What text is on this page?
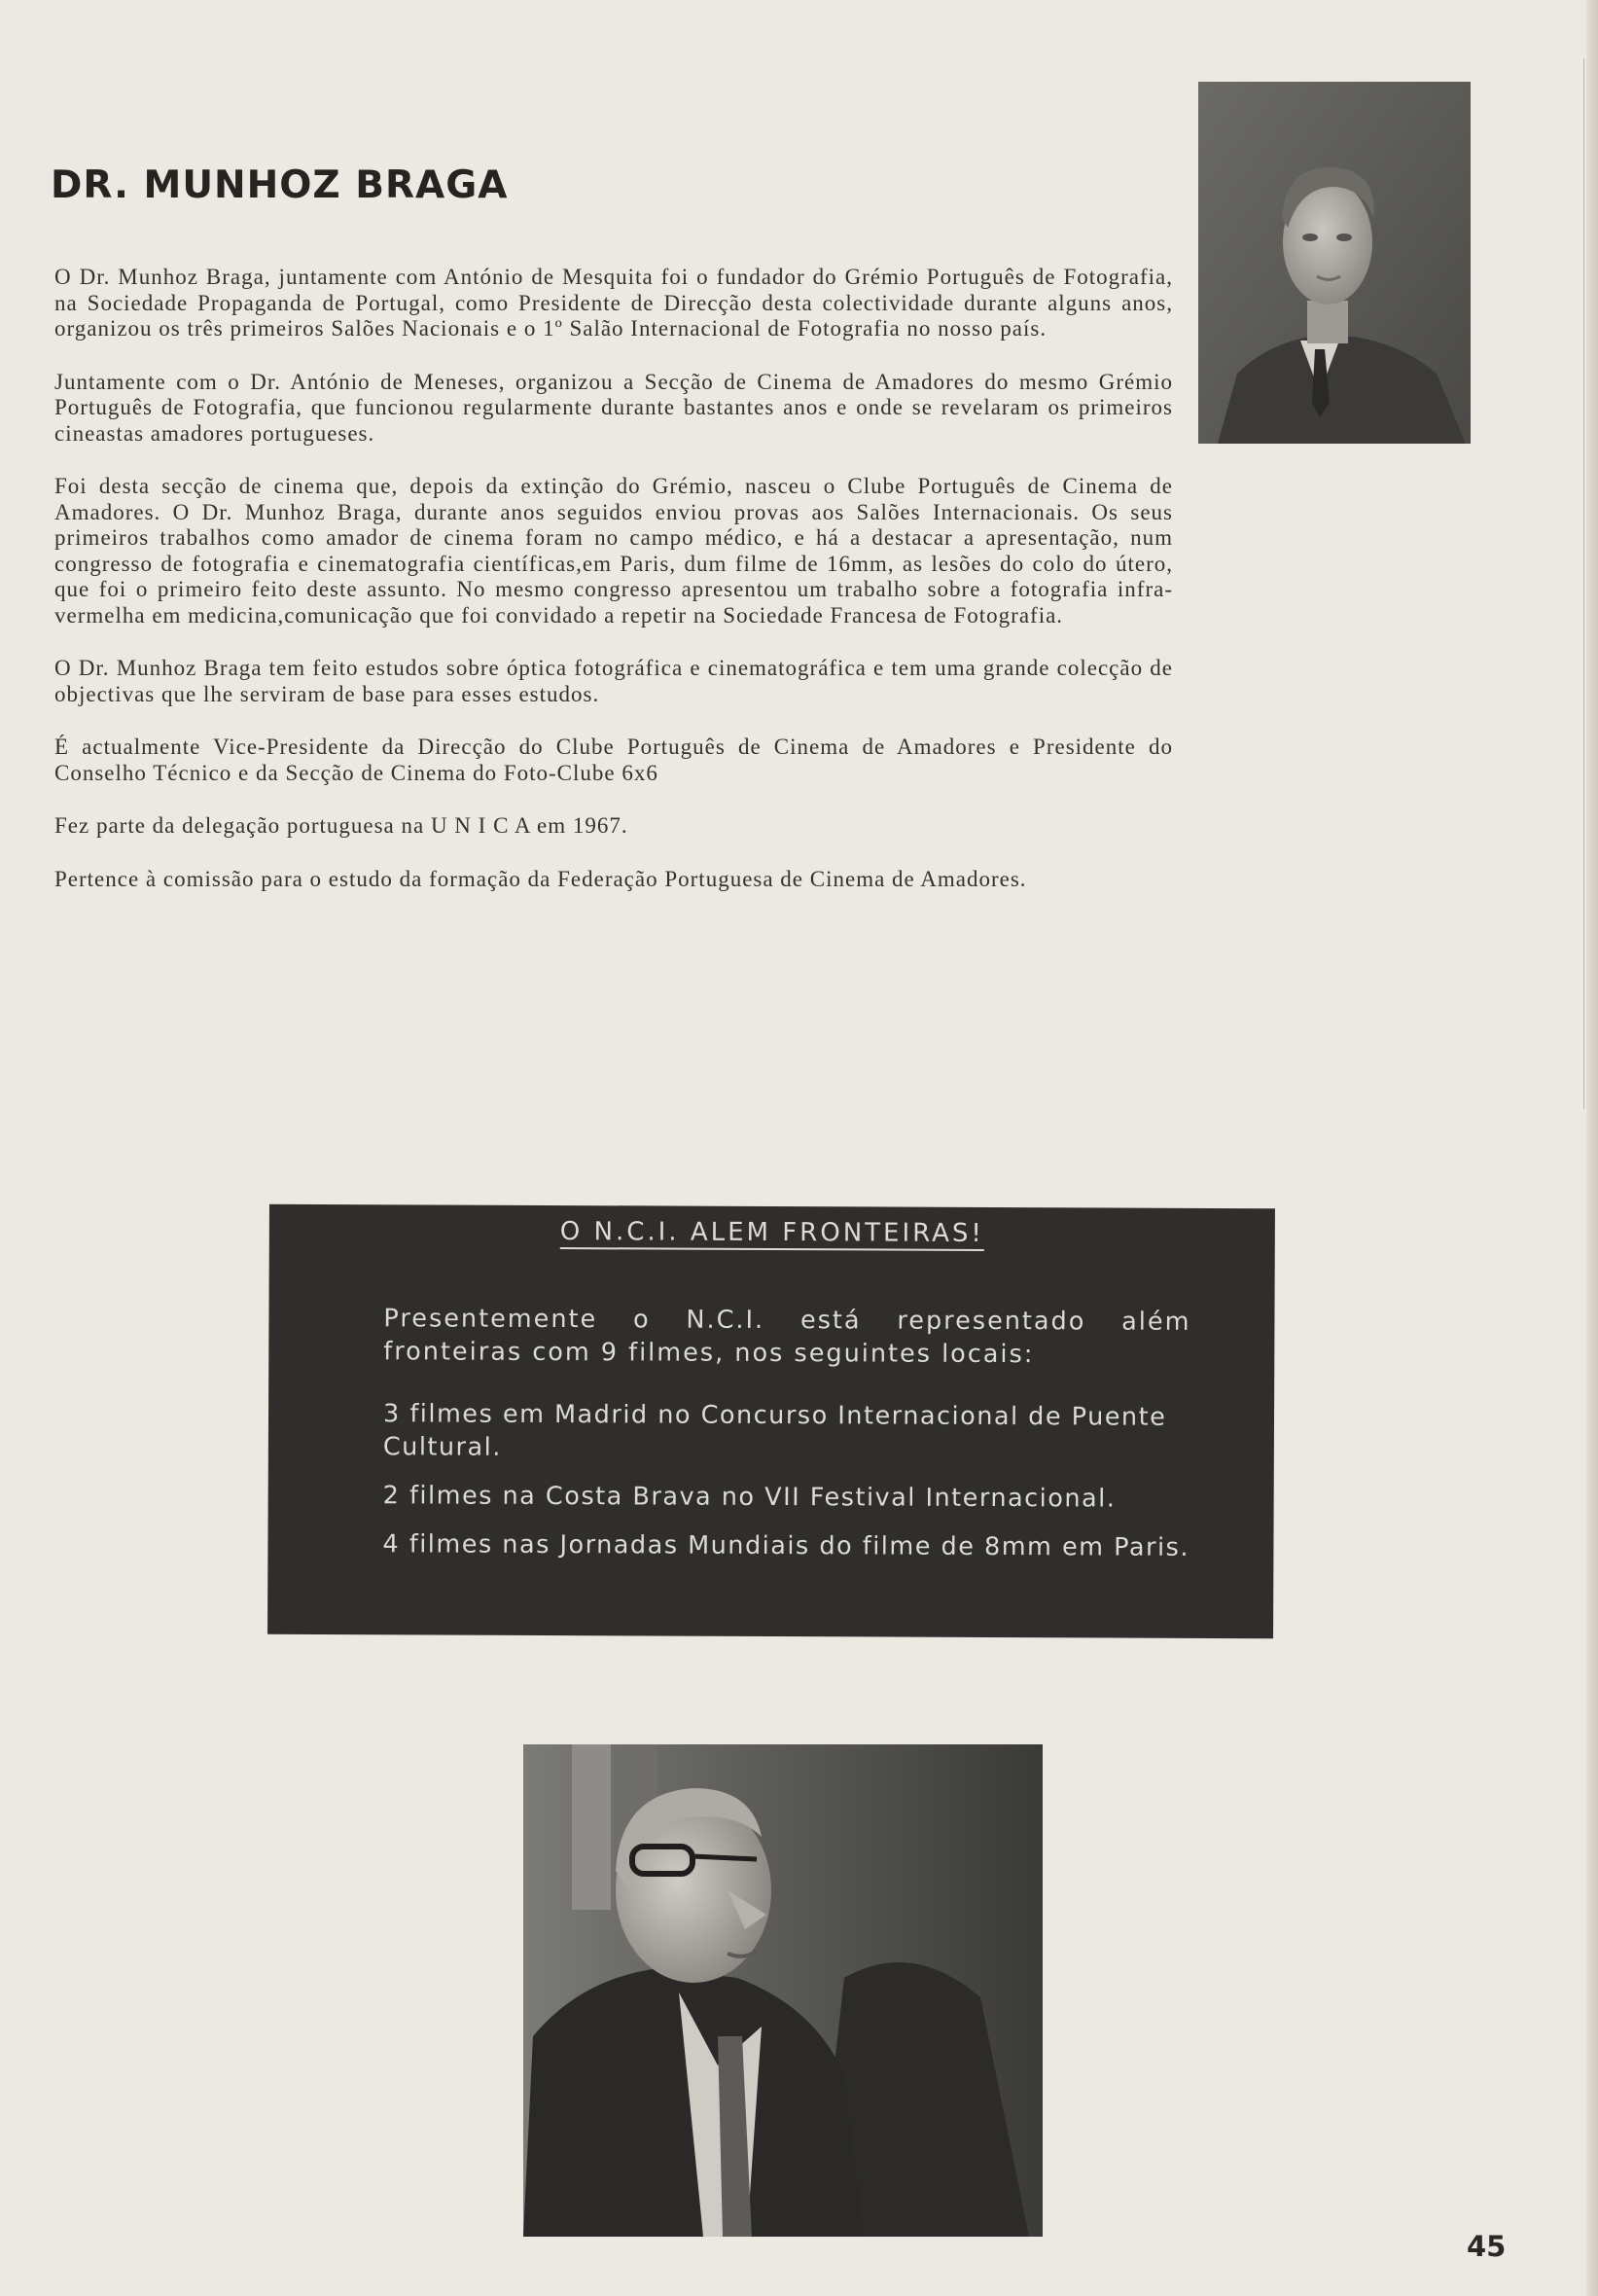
DR. MUNHOZ BRAGA

O Dr. Munhoz Braga, juntamente com António de Mesquita foi o fundador do Grémio Português de Fotografia, na Sociedade Propaganda de Portugal, como Presidente de Direcção desta colectividade durante alguns anos, organizou os três primeiros Salões Nacionais e o 1º Salão Internacional de Fotografia no nosso país.

Juntamente com o Dr. António de Meneses, organizou a Secção de Cinema de Amadores do mesmo Grémio Português de Fotografia, que funcionou regularmente durante bastantes anos e onde se revelaram os primeiros cineastas amadores portugueses.

Foi desta secção de cinema que, depois da extinção do Grémio, nasceu o Clube Português de Cinema de Amadores. O Dr. Munhoz Braga, durante anos seguidos enviou provas aos Salões Internacionais. Os seus primeiros trabalhos como amador de cinema foram no campo médico, e há a destacar a apresentação, num congresso de fotografia e cinematografia científicas,em Paris, dum filme de 16mm, as lesões do colo do útero, que foi o primeiro feito deste assunto. No mesmo congresso apresentou um trabalho sobre a fotografia infra-vermelha em medicina,comunicação que foi convidado a repetir na Sociedade Francesa de Fotografia.

O Dr. Munhoz Braga tem feito estudos sobre óptica fotográfica e cinematográfica e tem uma grande colecção de objectivas que lhe serviram de base para esses estudos.

É actualmente Vice-Presidente da Direcção do Clube Português de Cinema de Amadores e Presidente do Conselho Técnico e da Secção de Cinema do Foto-Clube 6x6

Fez parte da delegação portuguesa na U N I C A em 1967.

Pertence à comissão para o estudo da formação da Federação Portuguesa de Cinema de Amadores.

O N.C.I. ALEM FRONTEIRAS!

Presentemente o N.C.I. está representado além fronteiras com 9 filmes, nos seguintes locais:

3 filmes em Madrid no Concurso Internacional de Puente Cultural.
2 filmes na Costa Brava no VII Festival Internacional.
4 filmes nas Jornadas Mundiais do filme de 8mm em Paris.
45
